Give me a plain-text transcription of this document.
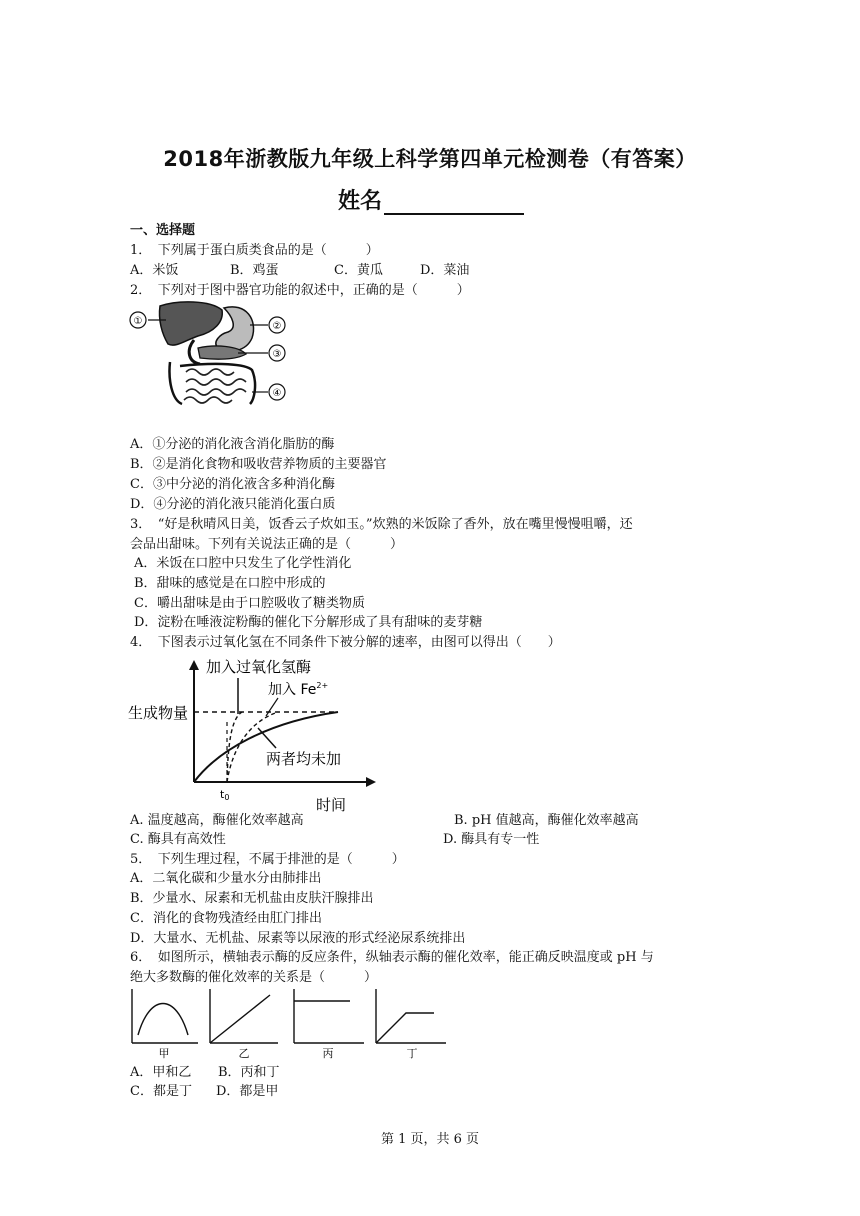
2018年浙教版九年级上科学第四单元检测卷（有答案）
姓名
一、选择题
1．　下列属于蛋白质类食品的是（　　　）
A．米饭	B．鸡蛋	C．黄瓜	D．菜油
2．　下列对于图中器官功能的叙述中，正确的是（　　　）
①	②
③
④
A．①分泌的消化液含消化脂肪的酶
B．②是消化食物和吸收营养物质的主要器官
C．③中分泌的消化液含多种消化酶
D．④分泌的消化液只能消化蛋白质
3．　“好是秋晴风日美，饭香云子炊如玉。”炊熟的米饭除了香外，放在嘴里慢慢咀嚼，还
会品出甜味。下列有关说法正确的是（　　　）
A．米饭在口腔中只发生了化学性消化
B．甜味的感觉是在口腔中形成的
C．嚼出甜味是由于口腔吸收了糖类物质
D．淀粉在唾液淀粉酶的催化下分解形成了具有甜味的麦芽糖
4．　下图表示过氧化氢在不同条件下被分解的速率，由图可以得出（　　）
加入过氧化氢酶
加入 $Fe^{2+}$
生成物量
两者均未加
t0	时间
A. 温度越高，酶催化效率越高	B. pH 值越高，酶催化效率越高
C. 酶具有高效性	D. 酶具有专一性
5．　下列生理过程，不属于排泄的是（　　　）
A．二氧化碳和少量水分由肺排出
B．少量水、尿素和无机盐由皮肤汗腺排出
C．消化的食物残渣经由肛门排出
D．大量水、无机盐、尿素等以尿液的形式经泌尿系统排出
6．　如图所示，横轴表示酶的反应条件，纵轴表示酶的催化效率，能正确反映温度或 pH 与
绝大多数酶的催化效率的关系是（　　　）
甲	乙	丙	丁
A．甲和乙 B．丙和丁
C．都是丁 D．都是甲
第 1 页，共 6 页
